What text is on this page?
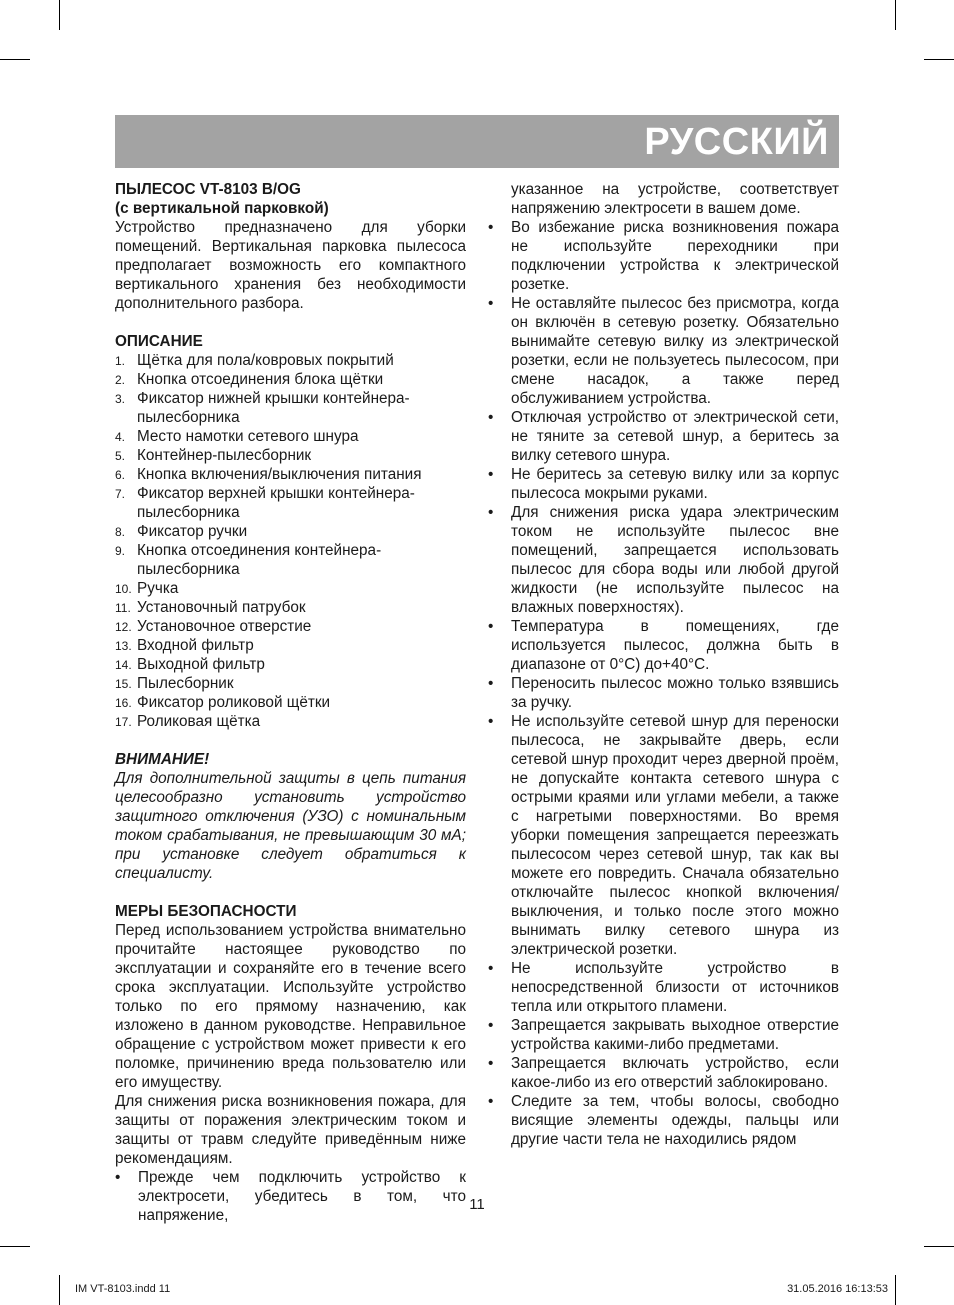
РУССКИЙ

ПЫЛЕСОС VT-8103 B/OG

(с вертикальной парковкой)

Устройство предназначено для уборки помещений. Вертикальная парковка пылесоса предполагает возможность его компактного вертикального хранения без необходимости дополнительного разбора.

ОПИСАНИЕ

1. Щётка для пола/ковровых покрытий
2. Кнопка отсоединения блока щётки
3. Фиксатор нижней крышки контейнера-пылесборника
4. Место намотки сетевого шнура
5. Контейнер-пылесборник
6. Кнопка включения/выключения питания
7. Фиксатор верхней крышки контейнера-пылесборника
8. Фиксатор ручки
9. Кнопка отсоединения контейнера-пылесборника
10. Ручка
11. Установочный патрубок
12. Установочное отверстие
13. Входной фильтр
14. Выходной фильтр
15. Пылесборник
16. Фиксатор роликовой щётки
17. Роликовая щётка

ВНИМАНИЕ!

Для дополнительной защиты в цепь питания целесообразно установить устройство защитного отключения (УЗО) с номинальным током срабатывания, не превышающим 30 мА; при установке следует обратиться к специалисту.

МЕРЫ БЕЗОПАСНОСТИ

Перед использованием устройства внимательно прочитайте настоящее руководство по эксплуатации и сохраняйте его в течение всего срока эксплуатации. Используйте устройство только по его прямому назначению, как изложено в данном руководстве. Неправильное обращение с устройством может привести к его поломке, причинению вреда пользователю или его имуществу.

Для снижения риска возникновения пожара, для защиты от поражения электрическим током и защиты от травм следуйте приведённым ниже рекомендациям.

• Прежде чем подключить устройство к электросети, убедитесь в том, что напряжение,

указанное на устройстве, соответствует напряжению электросети в вашем доме.

• Во избежание риска возникновения пожара не используйте переходники при подключении устройства к электрической розетке.
• Не оставляйте пылесос без присмотра, когда он включён в сетевую розетку. Обязательно вынимайте сетевую вилку из электрической розетки, если не пользуетесь пылесосом, при смене насадок, а также перед обслуживанием устройства.
• Отключая устройство от электрической сети, не тяните за сетевой шнур, а беритесь за вилку сетевого шнура.
• Не беритесь за сетевую вилку или за корпус пылесоса мокрыми руками.
• Для снижения риска удара электрическим током не используйте пылесос вне помещений, запрещается использовать пылесос для сбора воды или любой другой жидкости (не используйте пылесос на влажных поверхностях).
• Температура в помещениях, где используется пылесос, должна быть в диапазоне от 0°C) до+40°C.
• Переносить пылесос можно только взявшись за ручку.
• Не используйте сетевой шнур для переноски пылесоса, не закрывайте дверь, если сетевой шнур проходит через дверной проём, не допускайте контакта сетевого шнура с острыми краями или углами мебели, а также с нагретыми поверхностями. Во время уборки помещения запрещается переезжать пылесосом через сетевой шнур, так как вы можете его повредить. Сначала обязательно отключайте пылесос кнопкой включения/выключения, и только после этого можно вынимать вилку сетевого шнура из электрической розетки.
• Не используйте устройство в непосредственной близости от источников тепла или открытого пламени.
• Запрещается закрывать выходное отверстие устройства какими-либо предметами.
• Запрещается включать устройство, если какое-либо из его отверстий заблокировано.
• Следите за тем, чтобы волосы, свободно висящие элементы одежды, пальцы или другие части тела не находились рядом
11
IM VT-8103.indd 11	31.05.2016 16:13:53
